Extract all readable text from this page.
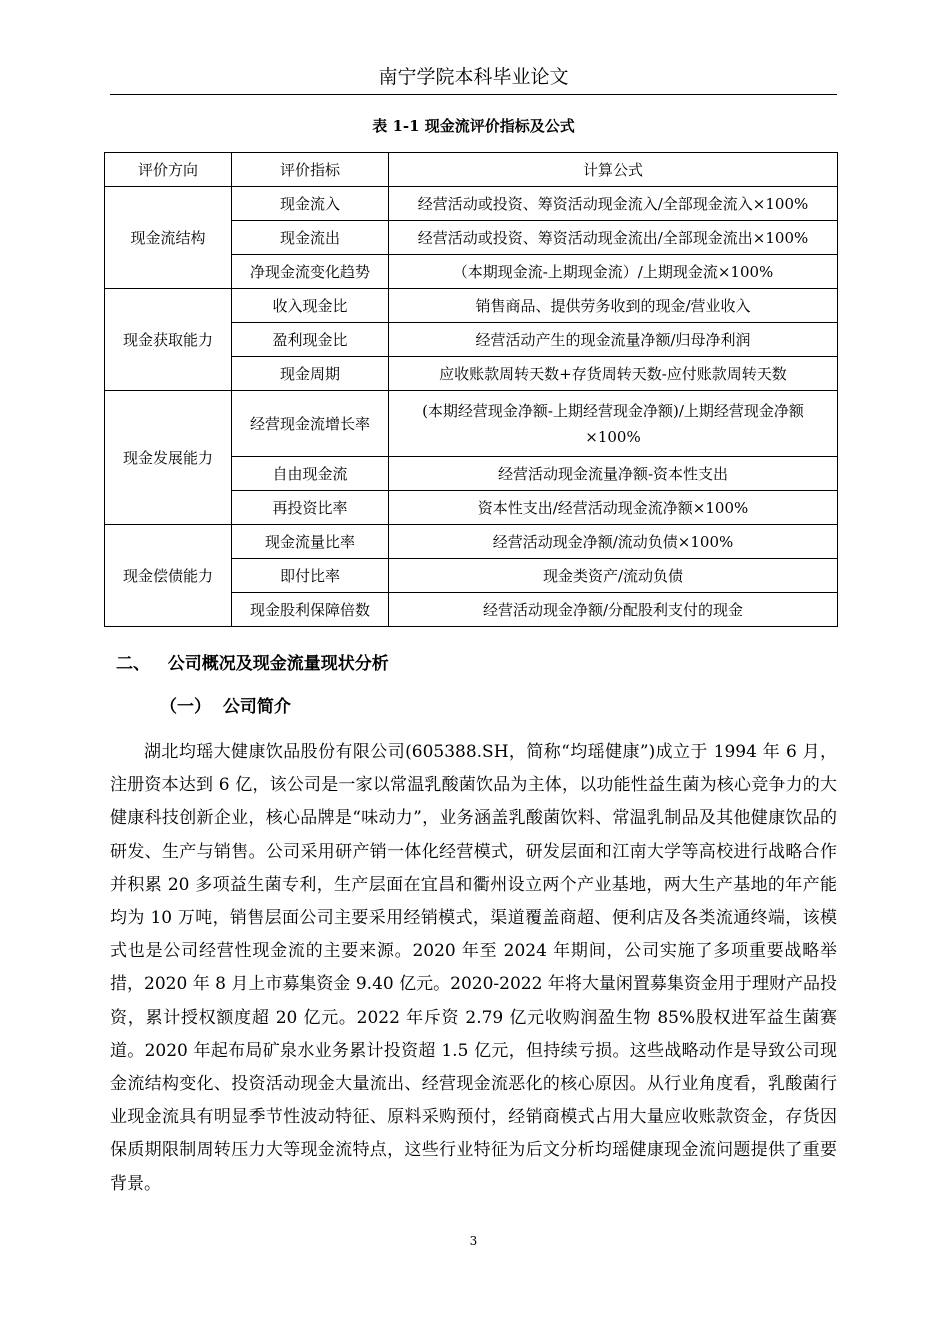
南宁学院本科毕业论文
表 1-1 现金流评价指标及公式
评价方向	评价指标	计算公式
现金流结构	现金流入	经营活动或投资、筹资活动现金流入/全部现金流入×100%
	现金流出	经营活动或投资、筹资活动现金流出/全部现金流出×100%
	净现金流变化趋势	（本期现金流-上期现金流）/上期现金流×100%
现金获取能力	收入现金比	销售商品、提供劳务收到的现金/营业收入
	盈利现金比	经营活动产生的现金流量净额/归母净利润
	现金周期	应收账款周转天数+存货周转天数-应付账款周转天数
现金发展能力	经营现金流增长率	(本期经营现金净额-上期经营现金净额)/上期经营现金净额×100%
	自由现金流	经营活动现金流量净额-资本性支出
	再投资比率	资本性支出/经营活动现金流净额×100%
现金偿债能力	现金流量比率	经营活动现金净额/流动负债×100%
	即付比率	现金类资产/流动负债
	现金股利保障倍数	经营活动现金净额/分配股利支付的现金
二、   公司概况及现金流量现状分析
（一）  公司简介

湖北均瑶大健康饮品股份有限公司(605388.SH，简称“均瑶健康”)成立于 1994 年 6 月，注册资本达到 6 亿，该公司是一家以常温乳酸菌饮品为主体，以功能性益生菌为核心竞争力的大健康科技创新企业，核心品牌是“味动力”，业务涵盖乳酸菌饮料、常温乳制品及其他健康饮品的研发、生产与销售。公司采用研产销一体化经营模式，研发层面和江南大学等高校进行战略合作并积累 20 多项益生菌专利，生产层面在宜昌和衢州设立两个产业基地，两大生产基地的年产能均为 10 万吨，销售层面公司主要采用经销模式，渠道覆盖商超、便利店及各类流通终端，该模式也是公司经营性现金流的主要来源。2020 年至 2024 年期间，公司实施了多项重要战略举措，2020 年 8 月上市募集资金 9.40 亿元。2020-2022 年将大量闲置募集资金用于理财产品投资，累计授权额度超 20 亿元。2022 年斥资 2.79 亿元收购润盈生物 85%股权进军益生菌赛道。2020 年起布局矿泉水业务累计投资超 1.5 亿元，但持续亏损。这些战略动作是导致公司现金流结构变化、投资活动现金大量流出、经营现金流恶化的核心原因。从行业角度看，乳酸菌行业现金流具有明显季节性波动特征、原料采购预付，经销商模式占用大量应收账款资金，存货因保质期限制周转压力大等现金流特点，这些行业特征为后文分析均瑶健康现金流问题提供了重要背景。

3
